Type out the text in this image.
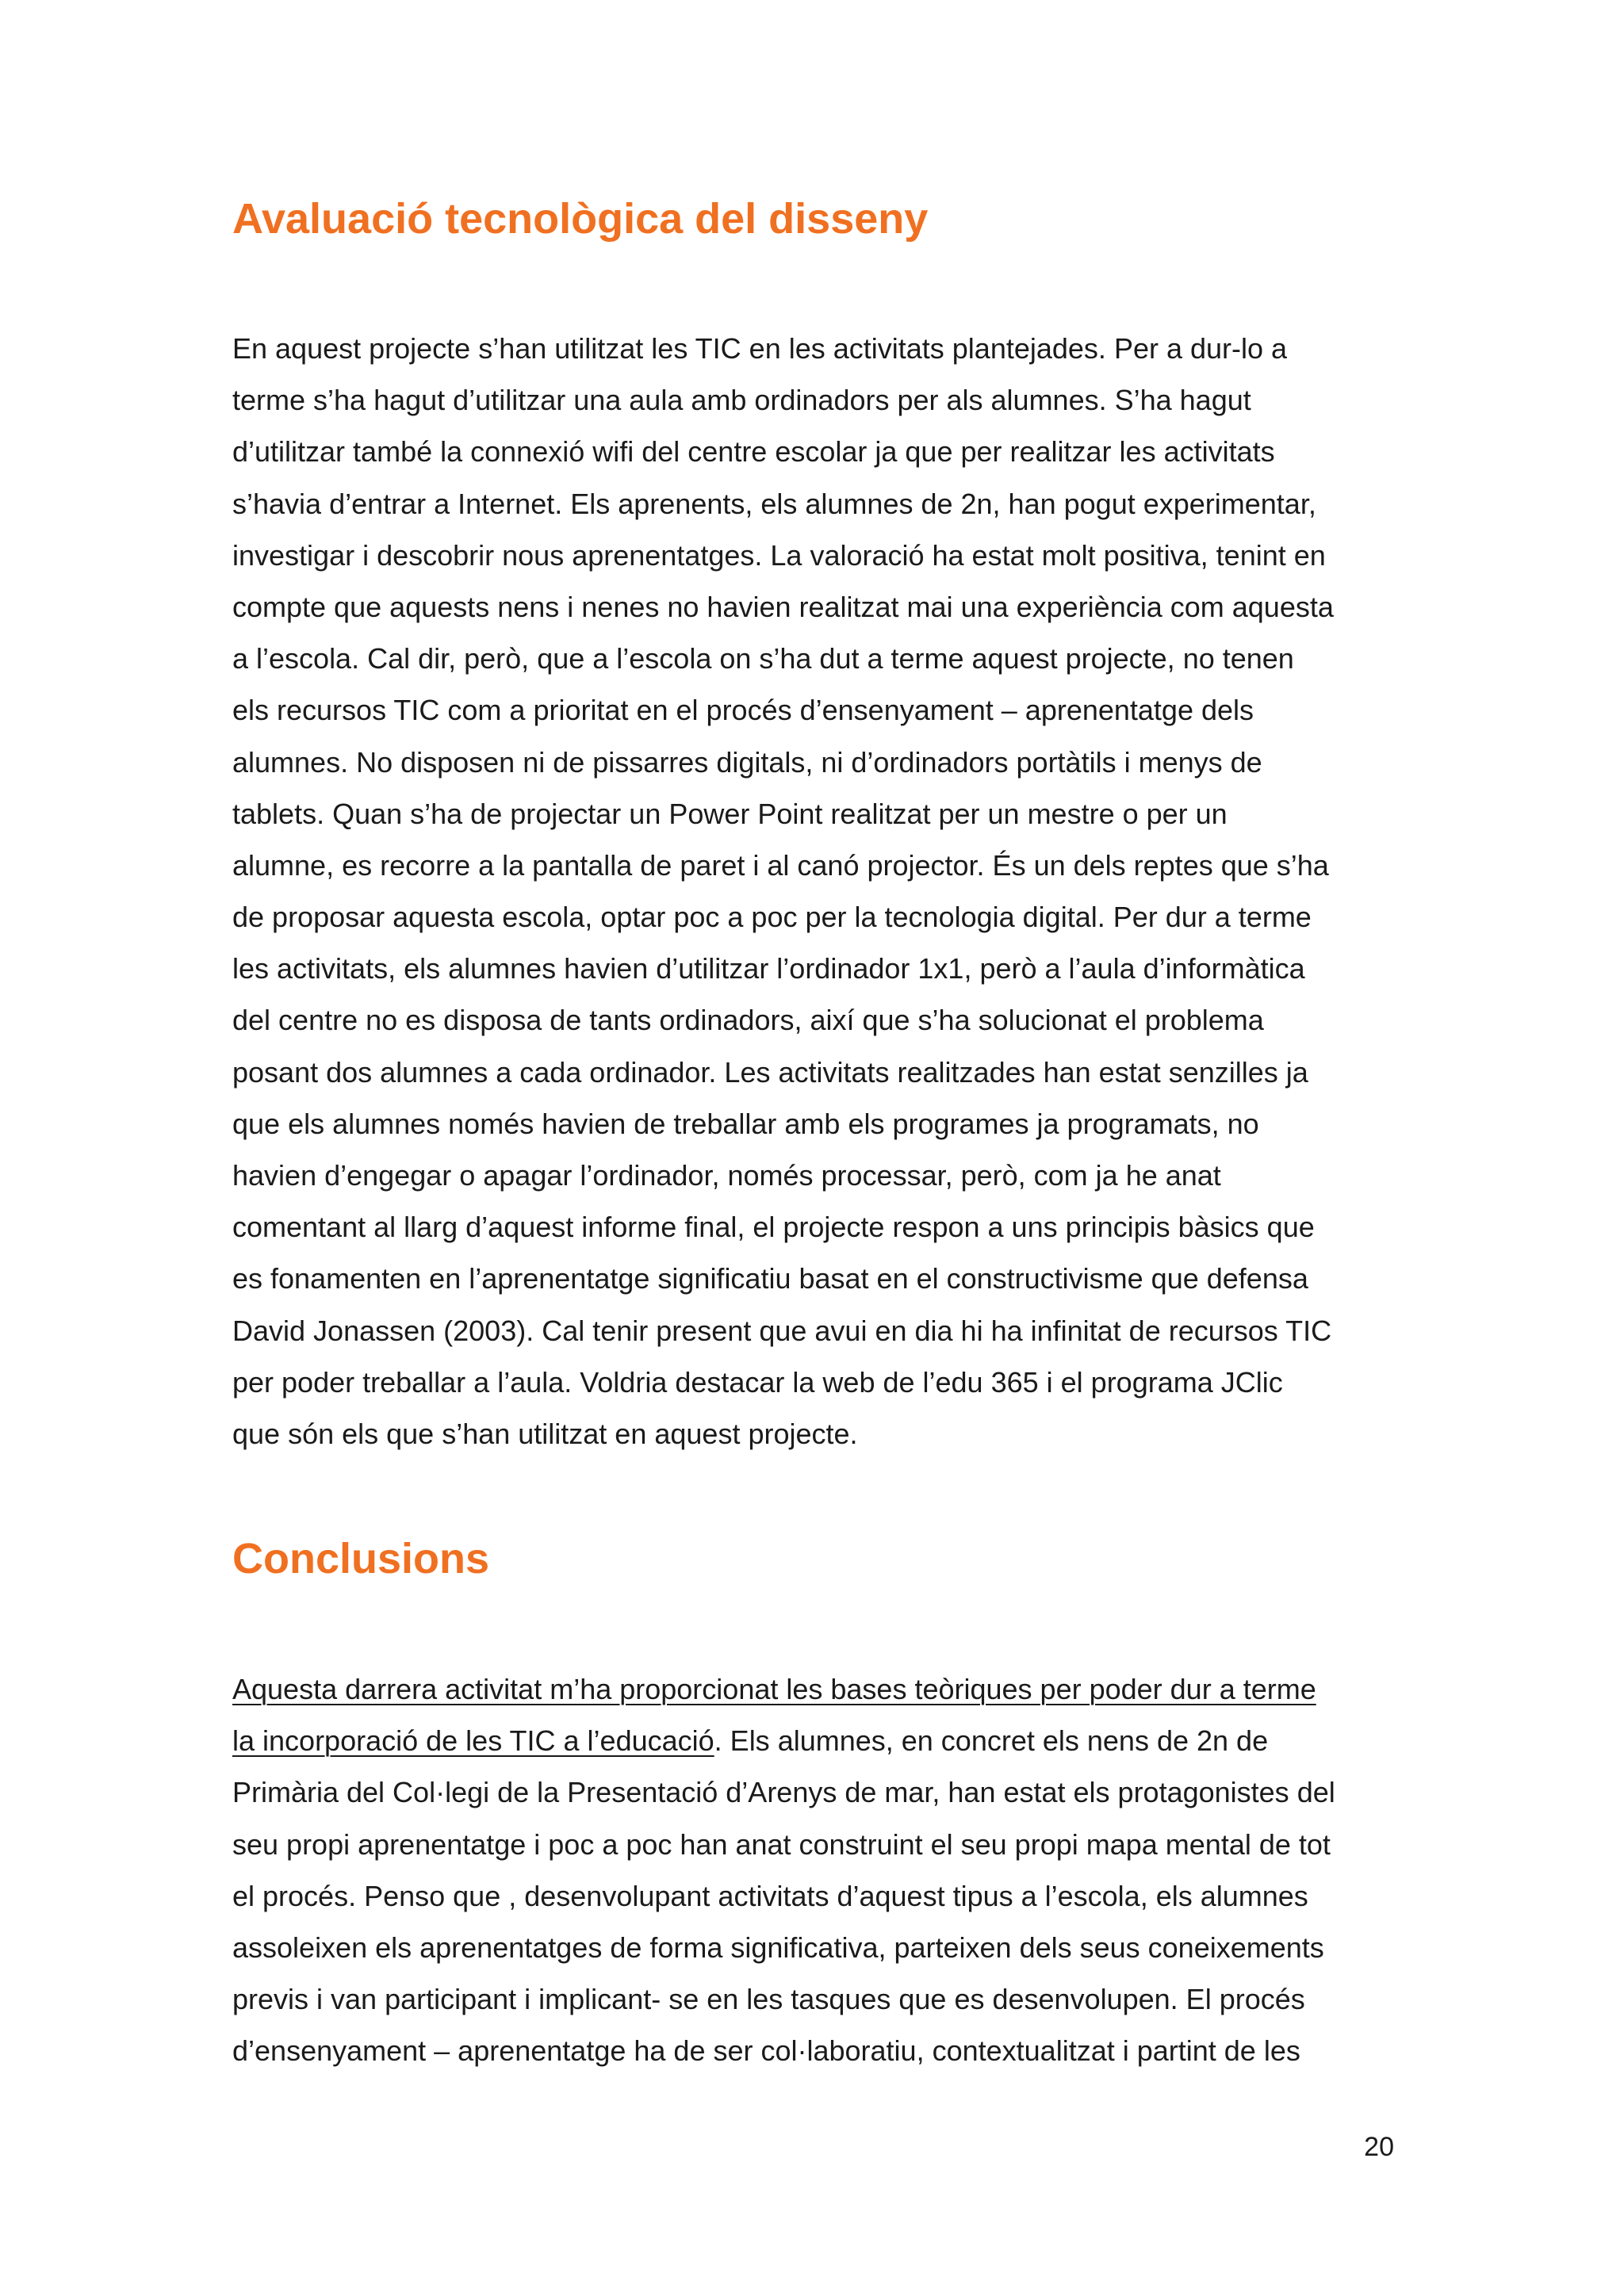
Avaluació tecnològica del disseny
En aquest projecte s’han utilitzat les TIC en les activitats plantejades. Per a dur-lo a
terme s’ha hagut d’utilitzar una aula amb ordinadors per als alumnes. S’ha hagut
d’utilitzar també la connexió wifi del centre escolar ja que per realitzar les activitats
s’havia d’entrar a Internet. Els aprenents, els alumnes de 2n, han pogut experimentar,
investigar i descobrir nous aprenentatges. La valoració ha estat molt positiva, tenint en
compte que aquests nens i nenes no havien realitzat mai una experiència com aquesta
a l’escola. Cal dir, però, que a l’escola on s’ha dut a terme aquest projecte, no tenen
els recursos TIC com a prioritat en el procés d’ensenyament – aprenentatge dels
alumnes. No disposen ni de pissarres digitals, ni d’ordinadors portàtils i menys de
tablets. Quan s’ha de projectar un Power Point realitzat per un mestre o per un
alumne, es recorre a la pantalla de paret i al canó projector. És un dels reptes que s’ha
de proposar aquesta escola, optar poc a poc per la tecnologia digital. Per dur a terme
les activitats, els alumnes havien d’utilitzar l’ordinador 1x1, però a l’aula d’informàtica
del centre no es disposa de tants ordinadors, així que s’ha solucionat el problema
posant dos alumnes a cada ordinador. Les activitats realitzades han estat senzilles ja
que els alumnes només havien de treballar amb els programes ja programats, no
havien d’engegar o apagar l’ordinador, només processar, però, com ja he anat
comentant al llarg d’aquest informe final, el projecte respon a uns principis bàsics que
es fonamenten en l’aprenentatge significatiu basat en el constructivisme que defensa
David Jonassen (2003). Cal tenir present que avui en dia hi ha infinitat de recursos TIC
per poder treballar a l’aula. Voldria destacar la web de l’edu 365 i el programa JClic
que són els que s’han utilitzat en aquest projecte.
Conclusions
Aquesta darrera activitat m’ha proporcionat les bases teòriques per poder dur a terme
la incorporació de les TIC a l’educació. Els alumnes, en concret els nens de 2n de
Primària del Col·legi de la Presentació d’Arenys de mar, han estat els protagonistes del
seu propi aprenentatge i poc a poc han anat construint el seu propi mapa mental de tot
el procés. Penso que , desenvolupant activitats d’aquest tipus a l’escola, els alumnes
assoleixen els aprenentatges de forma significativa, parteixen dels seus coneixements
previs i van participant i implicant- se en les tasques que es desenvolupen. El procés
d’ensenyament – aprenentatge ha de ser col·laboratiu, contextualitzat i partint de les
20
